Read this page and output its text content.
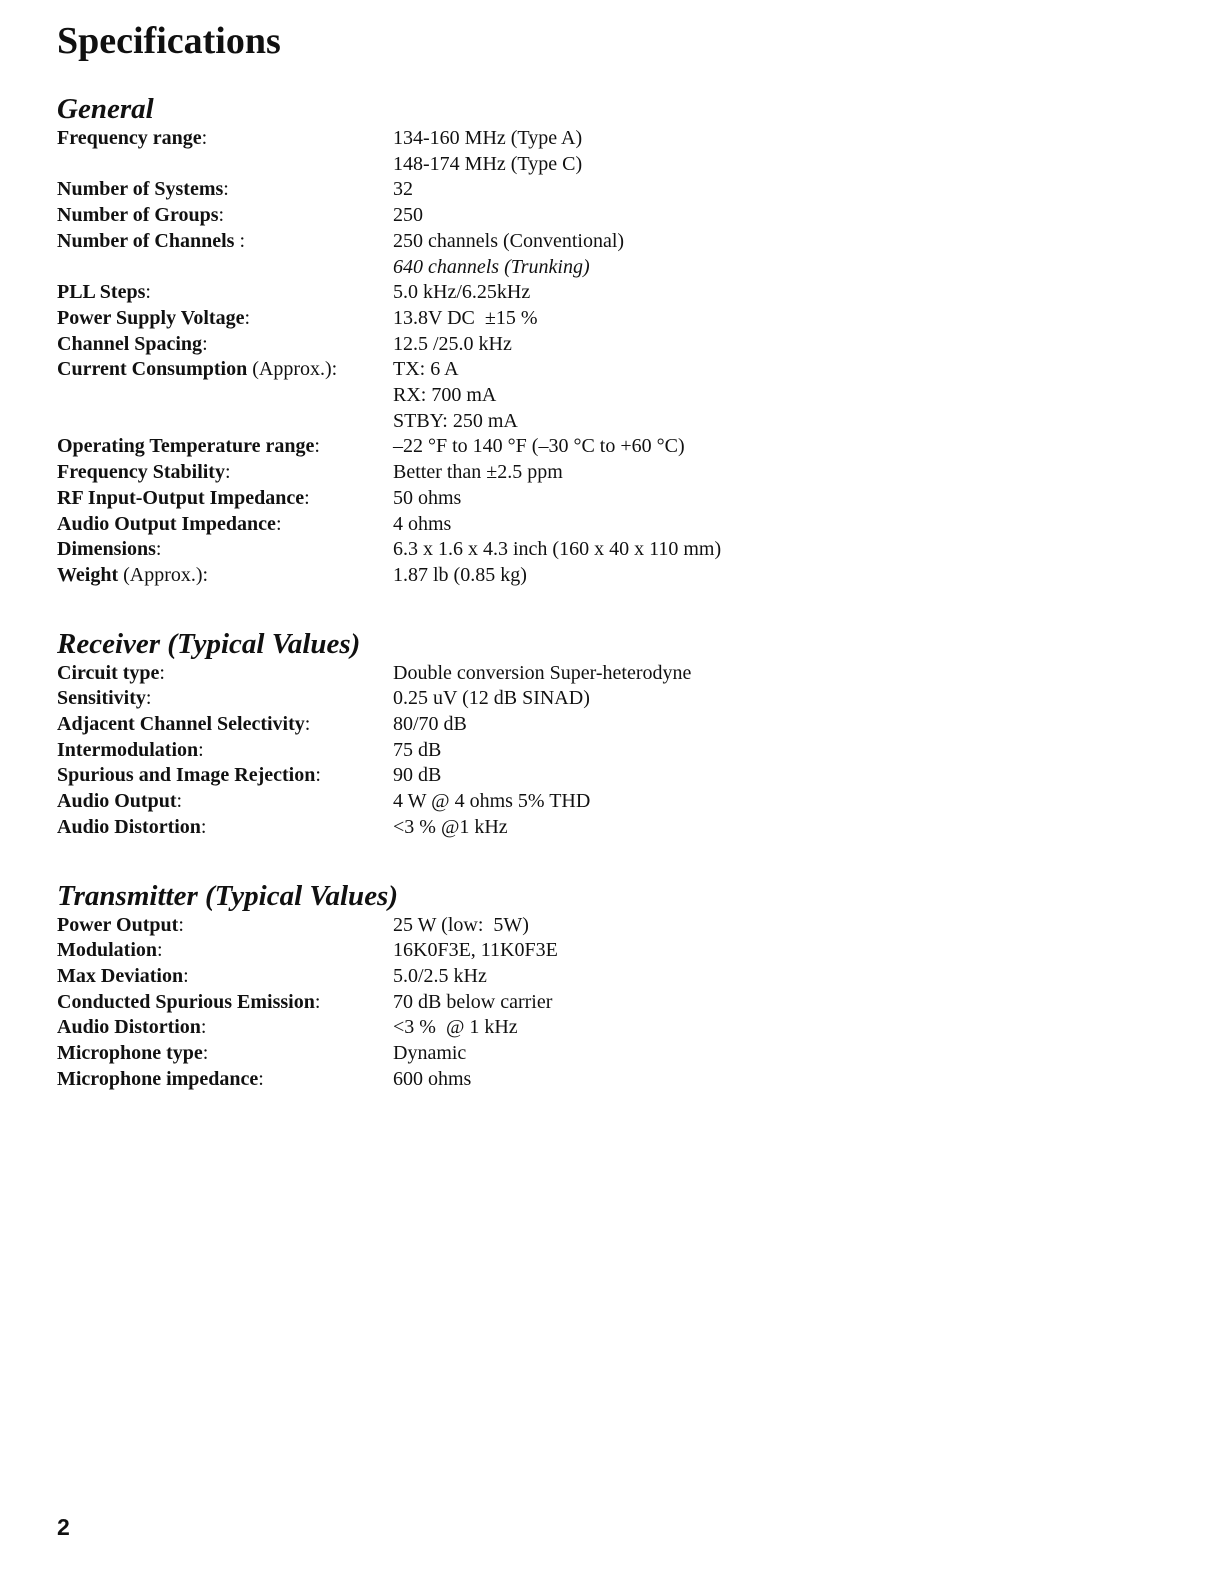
Specifications
General
Frequency range:	134-160 MHz (Type A)
148-174 MHz (Type C)
Number of Systems:	32
Number of Groups:	250
Number of Channels :	250 channels (Conventional)
640 channels (Trunking)
PLL Steps:	5.0 kHz/6.25kHz
Power Supply Voltage:	13.8V DC  ±15 %
Channel Spacing:	12.5 /25.0 kHz
Current Consumption (Approx.):	TX: 6 A
RX: 700 mA
STBY: 250 mA
Operating Temperature range:	–22 °F to 140 °F (–30 °C to +60 °C)
Frequency Stability:	Better than ±2.5 ppm
RF Input-Output Impedance:	50 ohms
Audio Output Impedance:	4 ohms
Dimensions:	6.3 x 1.6 x 4.3 inch (160 x 40 x 110 mm)
Weight (Approx.):	1.87 lb (0.85 kg)
Receiver (Typical Values)
Circuit type:	Double conversion Super-heterodyne
Sensitivity:	0.25 uV (12 dB SINAD)
Adjacent Channel Selectivity:	80/70 dB
Intermodulation:	75 dB
Spurious and Image Rejection:	90 dB
Audio Output:	4 W @ 4 ohms 5% THD
Audio Distortion:	<3 % @1 kHz
Transmitter (Typical Values)
Power Output:	25 W (low:  5W)
Modulation:	16K0F3E, 11K0F3E
Max Deviation:	5.0/2.5 kHz
Conducted Spurious Emission:	70 dB below carrier
Audio Distortion:	<3 %  @ 1 kHz
Microphone type:	Dynamic
Microphone impedance:	600 ohms
2
